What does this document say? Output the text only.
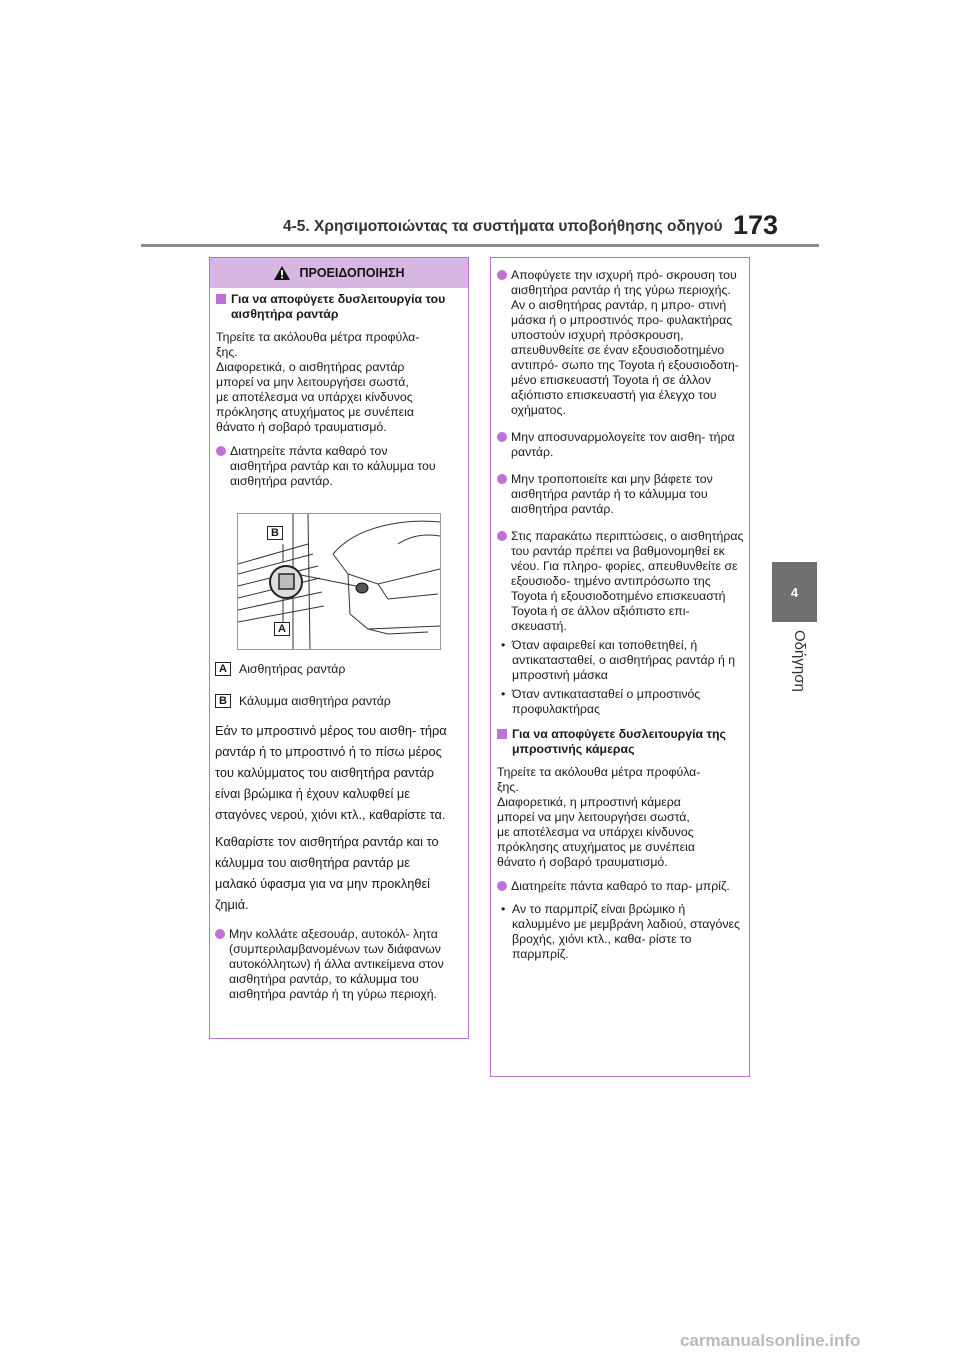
4-5. Χρησιμοποιώντας τα συστήματα υποβοήθησης οδηγού 173
4
Οδήγηση
ΠΡΟΕΙΔΟΠΟΙΗΣΗ
Για να αποφύγετε δυσλειτουργία του αισθητήρα ραντάρ

Τηρείτε τα ακόλουθα μέτρα προφύλα-

ξης.

Διαφορετικά, ο αισθητήρας ραντάρ

μπορεί να μην λειτουργήσει σωστά,

με αποτέλεσμα να υπάρχει κίνδυνος

πρόκλησης ατυχήματος με συνέπεια

θάνατο ή σοβαρό τραυματισμό.

Διατηρείτε πάντα καθαρό τον αισθητήρα ραντάρ και το κάλυμμα του αισθητήρα ραντάρ.
B
A
A Αισθητήρας ραντάρ
B Κάλυμμα αισθητήρα ραντάρ
Εάν το μπροστινό μέρος του αισθη- τήρα ραντάρ ή το μπροστινό ή το πίσω μέρος του καλύμματος του αισθητήρα ραντάρ είναι βρώμικα ή έχουν καλυφθεί με σταγόνες νερού, χιόνι κτλ., καθαρίστε τα.
Καθαρίστε τον αισθητήρα ραντάρ και το κάλυμμα του αισθητήρα ραντάρ με μαλακό ύφασμα για να μην προκληθεί ζημιά.
Μην κολλάτε αξεσουάρ, αυτοκόλ- λητα (συμπεριλαμβανομένων των διάφανων αυτοκόλλητων) ή άλλα αντικείμενα στον αισθητήρα ραντάρ, το κάλυμμα του αισθητήρα ραντάρ ή τη γύρω περιοχή.
Αποφύγετε την ισχυρή πρό- σκρουση του αισθητήρα ραντάρ ή της γύρω περιοχής. Αν ο αισθητήρας ραντάρ, η μπρο- στινή μάσκα ή ο μπροστινός προ- φυλακτήρας υποστούν ισχυρή πρόσκρουση, απευθυνθείτε σε έναν εξουσιοδοτημένο αντιπρό- σωπο της Toyota ή εξουσιοδοτη- μένο επισκευαστή Toyota ή σε άλλον αξιόπιστο επισκευαστή για έλεγχο του οχήματος.
Μην αποσυναρμολογείτε τον αισθη- τήρα ραντάρ.
Μην τροποποιείτε και μην βάφετε τον αισθητήρα ραντάρ ή το κάλυμμα του αισθητήρα ραντάρ.
Στις παρακάτω περιπτώσεις, ο αισθητήρας του ραντάρ πρέπει να βαθμονομηθεί εκ νέου. Για πληρο- φορίες, απευθυνθείτε σε εξουσιοδο- τημένο αντιπρόσωπο της Toyota ή εξουσιοδοτημένο επισκευαστή Toyota ή σε άλλον αξιόπιστο επι- σκευαστή.
• Όταν αφαιρεθεί και τοποθετηθεί, ή αντικατασταθεί, ο αισθητήρας ραντάρ ή η μπροστινή μάσκα
• Όταν αντικατασταθεί ο μπροστινός προφυλακτήρας
Για να αποφύγετε δυσλειτουργία της μπροστινής κάμερας

Τηρείτε τα ακόλουθα μέτρα προφύλα-

ξης.

Διαφορετικά, η μπροστινή κάμερα

μπορεί να μην λειτουργήσει σωστά,

με αποτέλεσμα να υπάρχει κίνδυνος

πρόκλησης ατυχήματος με συνέπεια

θάνατο ή σοβαρό τραυματισμό.

Διατηρείτε πάντα καθαρό το παρ- μπρίζ.
• Αν το παρμπρίζ είναι βρώμικο ή καλυμμένο με μεμβράνη λαδιού, σταγόνες βροχής, χιόνι κτλ., καθα- ρίστε το παρμπρίζ.
carmanualsonline.info
